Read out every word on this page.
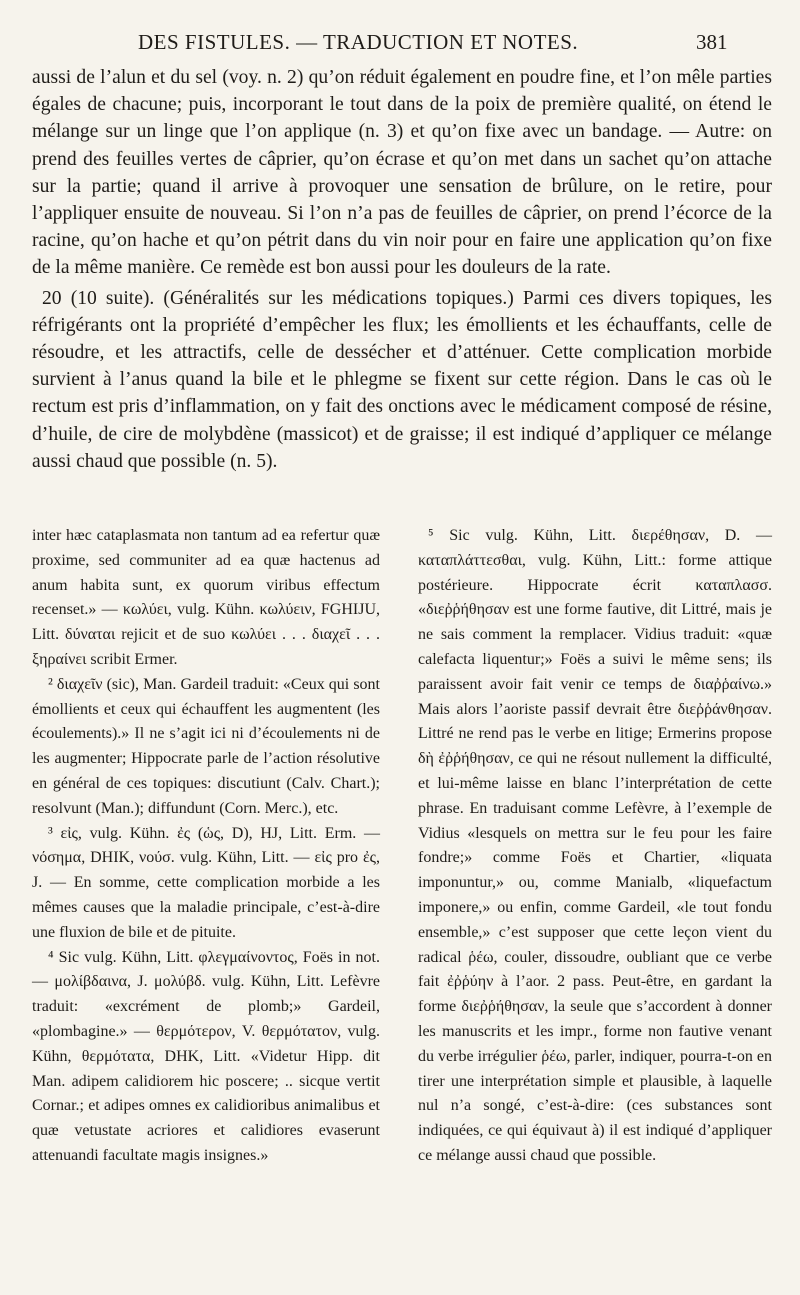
DES FISTULES. — TRADUCTION ET NOTES.	381

aussi de l’alun et du sel (voy. n. 2) qu’on réduit également en poudre fine, et l’on mêle parties égales de chacune; puis, incorporant le tout dans de la poix de première qualité, on étend le mélange sur un linge que l’on applique (n. 3) et qu’on fixe avec un bandage. — Autre: on prend des feuilles vertes de câprier, qu’on écrase et qu’on met dans un sachet qu’on attache sur la partie; quand il arrive à provoquer une sensation de brûlure, on le retire, pour l’appliquer ensuite de nouveau. Si l’on n’a pas de feuilles de câprier, on prend l’écorce de la racine, qu’on hache et qu’on pétrit dans du vin noir pour en faire une application qu’on fixe de la même manière. Ce remède est bon aussi pour les douleurs de la rate.

20 (10 suite). (Généralités sur les médications topiques.) Parmi ces divers topiques, les réfrigérants ont la propriété d’empêcher les flux; les émollients et les échauffants, celle de résoudre, et les attractifs, celle de dessécher et d’atténuer. Cette complication morbide survient à l’anus quand la bile et le phlegme se fixent sur cette région. Dans le cas où le rectum est pris d’inflammation, on y fait des onctions avec le médicament composé de résine, d’huile, de cire de molybdène (massicot) et de graisse; il est indiqué d’appliquer ce mélange aussi chaud que possible (n. 5).

inter hæc cataplasmata non tantum ad ea refertur quæ proxime, sed communiter ad ea quæ hactenus ad anum habita sunt, ex quorum viribus effectum recenset.» — κωλύει, vulg. Kühn. κωλύειν, FGHIJU, Litt. δύναται rejicit et de suo κωλύει . . . διαχεῖ . . . ξηραίνει scribit Ermer.

² διαχεῖν (sic), Man. Gardeil traduit: «Ceux qui sont émollients et ceux qui échauffent les augmentent (les écoulements).» Il ne s’agit ici ni d’écoulements ni de les augmenter; Hippocrate parle de l’action résolutive en général de ces topiques: discutiunt (Calv. Chart.); resolvunt (Man.); diffundunt (Corn. Merc.), etc.

³ εἰς, vulg. Kühn. ἐς (ὡς, D), HJ, Litt. Erm. — νόσημα, DHIK, νούσ. vulg. Kühn, Litt. — εἰς pro ἐς, J. — En somme, cette complication morbide a les mêmes causes que la maladie principale, c’est-à-dire une fluxion de bile et de pituite.

⁴ Sic vulg. Kühn, Litt. φλεγμαίνοντος, Foës in not. — μολίβδαινα, J. μολύβδ. vulg. Kühn, Litt. Lefèvre traduit: «excrément de plomb;» Gardeil, «plombagine.» — θερμότερον, V. θερμότατον, vulg. Kühn, θερμότατα, DHK, Litt. «Videtur Hipp. dit Man. adipem calidiorem hic poscere; .. sicque vertit Cornar.; et adipes omnes ex calidioribus animalibus et quæ vetustate acriores et calidiores evaserunt attenuandi facultate magis insignes.»

⁵ Sic vulg. Kühn, Litt. διερέθησαν, D. — καταπλάττεσθαι, vulg. Kühn, Litt.: forme attique postérieure. Hippocrate écrit καταπλασσ. «διεῤῥήθησαν est une forme fautive, dit Littré, mais je ne sais comment la remplacer. Vidius traduit: «quæ calefacta liquentur;» Foës a suivi le même sens; ils paraissent avoir fait venir ce temps de διαῤῥαίνω.» Mais alors l’aoriste passif devrait être διεῤῥάνθησαν. Littré ne rend pas le verbe en litige; Ermerins propose δὴ ἐῤῥήθησαν, ce qui ne résout nullement la difficulté, et lui-même laisse en blanc l’interprétation de cette phrase. En traduisant comme Lefèvre, à l’exemple de Vidius «lesquels on mettra sur le feu pour les faire fondre;» comme Foës et Chartier, «liquata imponuntur,» ou, comme Manialb, «liquefactum imponere,» ou enfin, comme Gardeil, «le tout fondu ensemble,» c’est supposer que cette leçon vient du radical ῥέω, couler, dissoudre, oubliant que ce verbe fait ἐῤῥύην à l’aor. 2 pass. Peut-être, en gardant la forme διεῤῥήθησαν, la seule que s’accordent à donner les manuscrits et les impr., forme non fautive venant du verbe irrégulier ῥέω, parler, indiquer, pourra-t-on en tirer une interprétation simple et plausible, à laquelle nul n’a songé, c’est-à-dire: (ces substances sont indiquées, ce qui équivaut à) il est indiqué d’appliquer ce mélange aussi chaud que possible.
